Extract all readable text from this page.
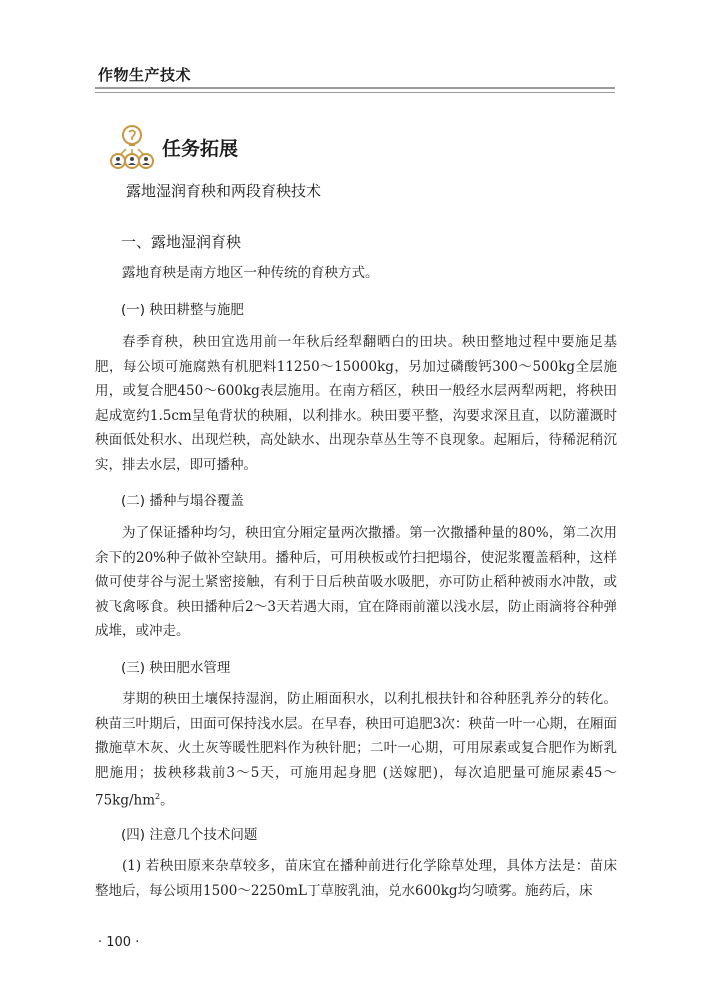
作物生产技术
任务拓展
露地湿润育秧和两段育秧技术
一、露地湿润育秧
露地育秧是南方地区一种传统的育秧方式。
(一) 秧田耕整与施肥
春季育秧，秧田宜选用前一年秋后经犁翻晒白的田块。秧田整地过程中要施足基肥，每公顷可施腐熟有机肥料11250～15000kg，另加过磷酸钙300～500kg全层施用，或复合肥450～600kg表层施用。在南方稻区，秧田一般经水层两犁两耙，将秧田起成宽约1.5cm呈龟背状的秧厢，以利排水。秧田要平整，沟要求深且直，以防灌溉时秧面低处积水、出现烂秧，高处缺水、出现杂草丛生等不良现象。起厢后，待稀泥稍沉实，排去水层，即可播种。
(二) 播种与塌谷覆盖
为了保证播种均匀，秧田宜分厢定量两次撒播。第一次撒播种量的80%，第二次用余下的20%种子做补空缺用。播种后，可用秧板或竹扫把塌谷，使泥浆覆盖稻种，这样做可使芽谷与泥土紧密接触，有利于日后秧苗吸水吸肥，亦可防止稻种被雨水冲散，或被飞禽啄食。秧田播种后2～3天若遇大雨，宜在降雨前灌以浅水层，防止雨滴将谷种弹成堆，或冲走。
(三) 秧田肥水管理
芽期的秧田土壤保持湿润，防止厢面积水，以利扎根扶针和谷种胚乳养分的转化。秧苗三叶期后，田面可保持浅水层。在早春，秧田可追肥3次：秧苗一叶一心期，在厢面撒施草木灰、火土灰等暖性肥料作为秧针肥；二叶一心期，可用尿素或复合肥作为断乳肥施用；拔秧移栽前3～5天，可施用起身肥 (送嫁肥)，每次追肥量可施尿素$45\sim 75kg/hm^2$。
(四) 注意几个技术问题
(1) 若秧田原来杂草较多，苗床宜在播种前进行化学除草处理，具体方法是：苗床整地后，每公顷用1500～2250mL丁草胺乳油，兑水600kg均匀喷雾。施药后，床
· 100 ·
